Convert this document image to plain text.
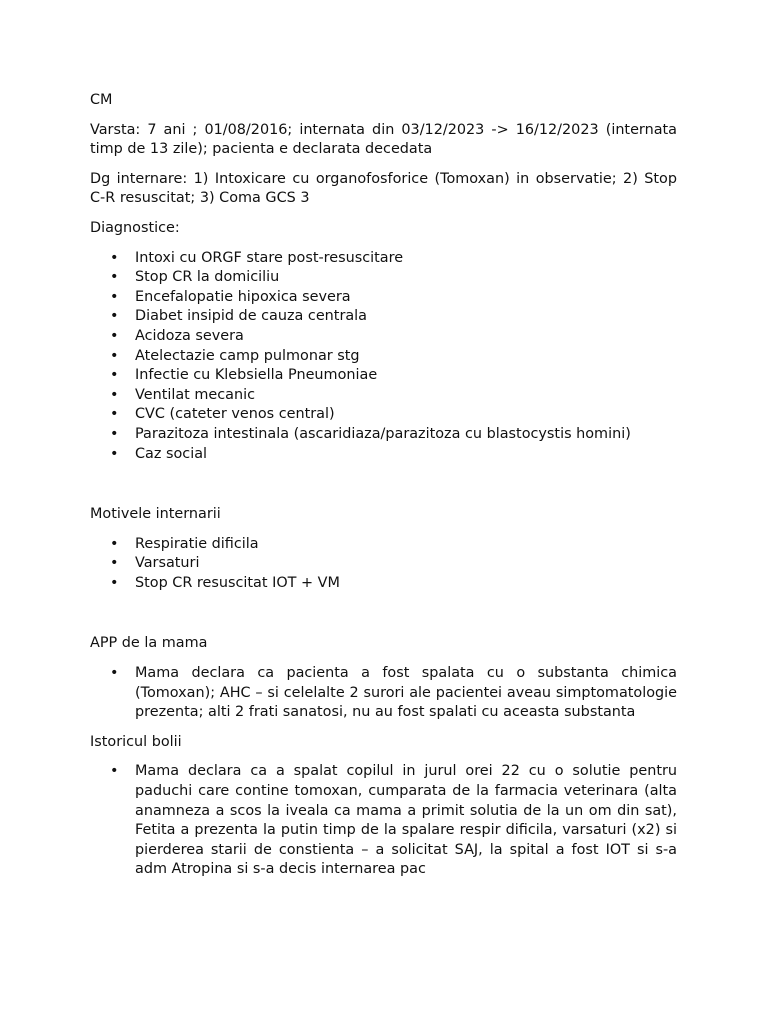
CM

Varsta: 7 ani ; 01/08/2016; internata din 03/12/2023 -> 16/12/2023 (internata timp de 13 zile); pacienta e declarata decedata

Dg internare: 1) Intoxicare cu organofosforice (Tomoxan) in observatie; 2) Stop C-R resuscitat; 3) Coma GCS 3

Diagnostice:

• Intoxi cu ORGF stare post-resuscitare
• Stop CR la domiciliu
• Encefalopatie hipoxica severa
• Diabet insipid de cauza centrala
• Acidoza severa
• Atelectazie camp pulmonar stg
• Infectie cu Klebsiella Pneumoniae
• Ventilat mecanic
• CVC (cateter venos central)
• Parazitoza intestinala (ascaridiaza/parazitoza cu blastocystis homini)
• Caz social

Motivele internarii

• Respiratie dificila
• Varsaturi
• Stop CR resuscitat IOT + VM

APP de la mama

• Mama declara ca pacienta a fost spalata cu o substanta chimica (Tomoxan); AHC – si celelalte 2 surori ale pacientei aveau simptomatologie prezenta; alti 2 frati sanatosi, nu au fost spalati cu aceasta substanta

Istoricul bolii

• Mama declara ca a spalat copilul in jurul orei 22 cu o solutie pentru paduchi care contine tomoxan, cumparata de la farmacia veterinara (alta anamneza a scos la iveala ca mama a primit solutia de la un om din sat), Fetita a prezenta la putin timp de la spalare respir dificila, varsaturi (x2) si pierderea starii de constienta – a solicitat SAJ, la spital a fost IOT si s-a adm Atropina si s-a decis internarea pac
